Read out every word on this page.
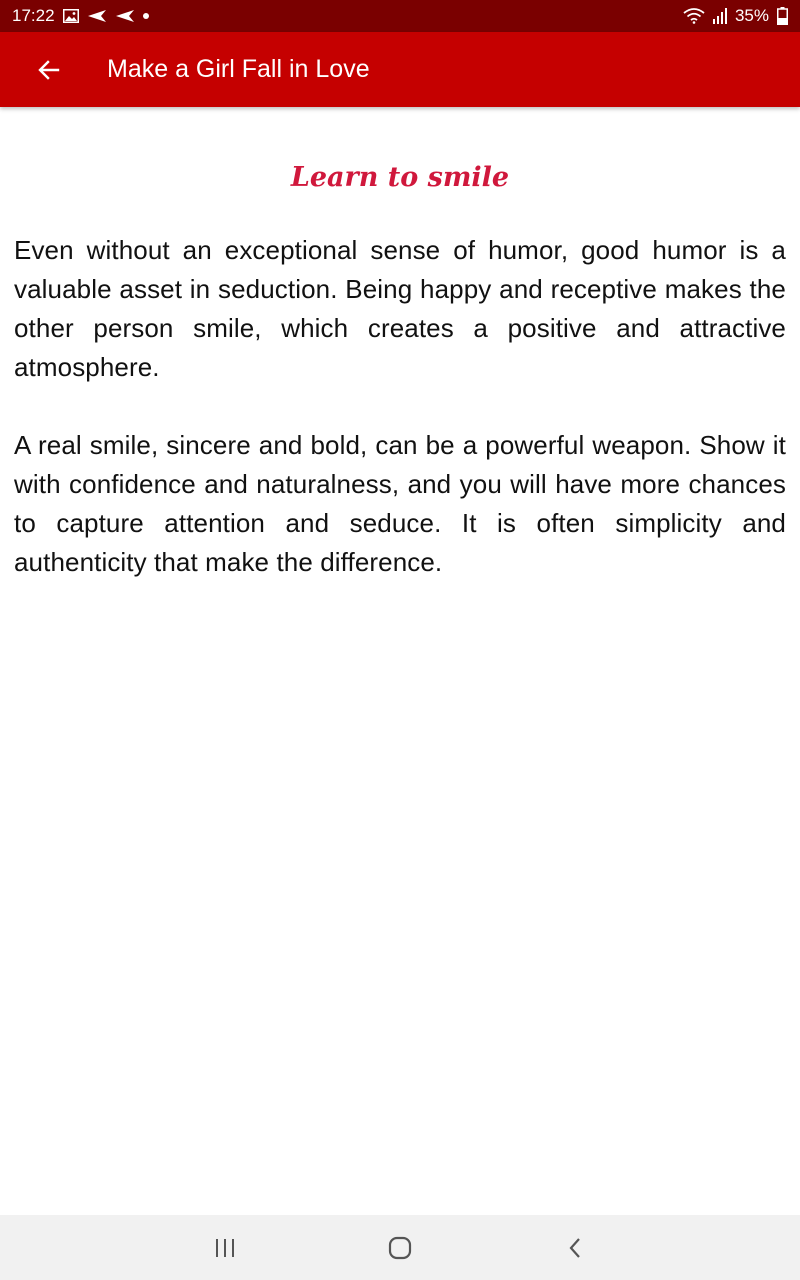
17:22	35%
Make a Girl Fall in Love
Learn to smile

Even without an exceptional sense of humor, good humor is a valuable asset in seduction. Being happy and receptive makes the other person smile, which creates a positive and attractive atmosphere.

A real smile, sincere and bold, can be a powerful weapon. Show it with confidence and naturalness, and you will have more chances to capture attention and seduce. It is often simplicity and authenticity that make the difference.
